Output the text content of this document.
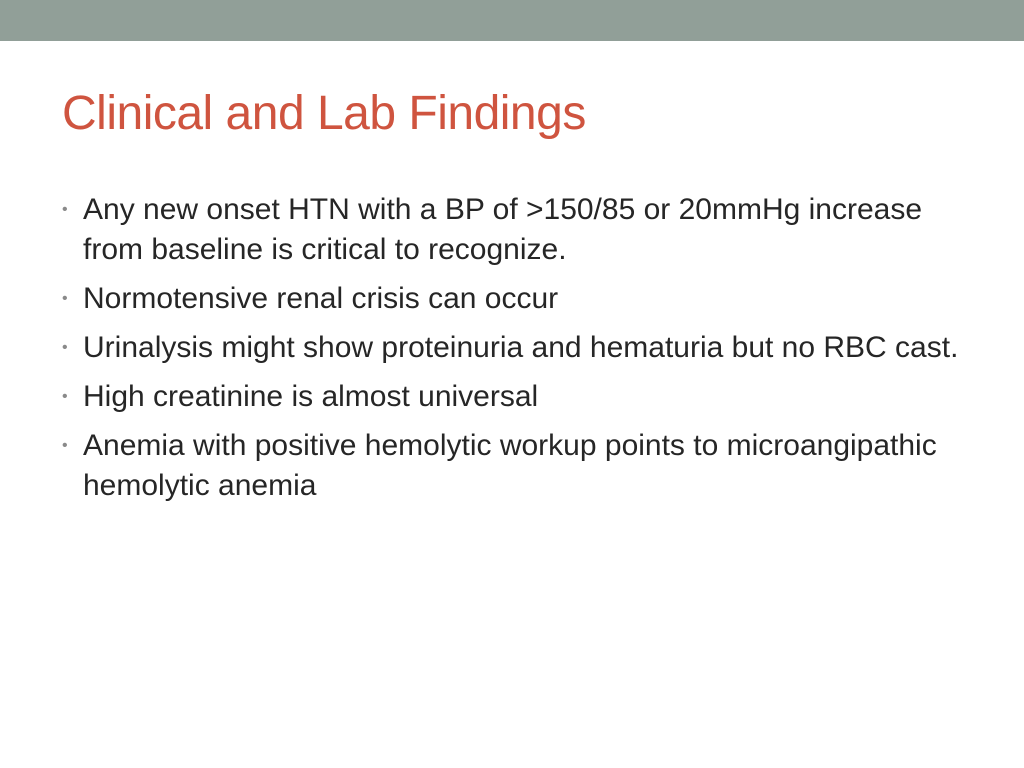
Clinical and Lab Findings
• Any new onset HTN with a BP of >150/85 or 20mmHg increase from baseline is critical to recognize.
• Normotensive renal crisis can occur
• Urinalysis might show proteinuria and hematuria but no RBC cast.
• High creatinine is almost universal
• Anemia with positive hemolytic workup points to microangipathic hemolytic anemia
